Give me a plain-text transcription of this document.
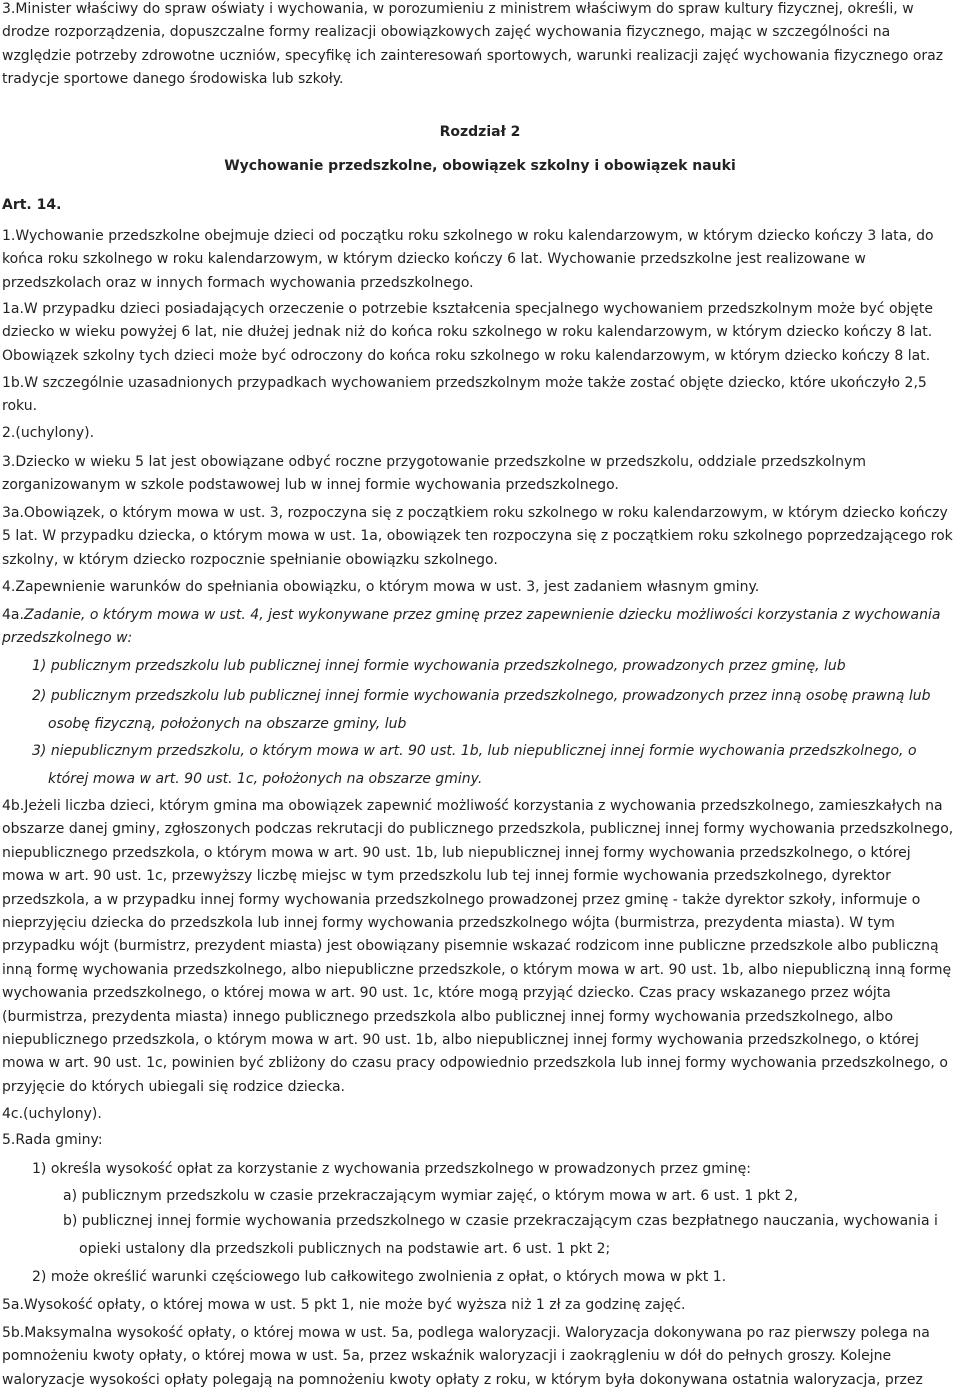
3.Minister właściwy do spraw oświaty i wychowania, w porozumieniu z ministrem właściwym do spraw kultury fizycznej, określi, w drodze rozporządzenia, dopuszczalne formy realizacji obowiązkowych zajęć wychowania fizycznego, mając w szczególności na względzie potrzeby zdrowotne uczniów, specyfikę ich zainteresowań sportowych, warunki realizacji zajęć wychowania fizycznego oraz tradycje sportowe danego środowiska lub szkoły.

Rozdział 2

Wychowanie przedszkolne, obowiązek szkolny i obowiązek nauki

Art. 14.

1.Wychowanie przedszkolne obejmuje dzieci od początku roku szkolnego w roku kalendarzowym, w którym dziecko kończy 3 lata, do końca roku szkolnego w roku kalendarzowym, w którym dziecko kończy 6 lat. Wychowanie przedszkolne jest realizowane w przedszkolach oraz w innych formach wychowania przedszkolnego.

1a.W przypadku dzieci posiadających orzeczenie o potrzebie kształcenia specjalnego wychowaniem przedszkolnym może być objęte dziecko w wieku powyżej 6 lat, nie dłużej jednak niż do końca roku szkolnego w roku kalendarzowym, w którym dziecko kończy 8 lat. Obowiązek szkolny tych dzieci może być odroczony do końca roku szkolnego w roku kalendarzowym, w którym dziecko kończy 8 lat.

1b.W szczególnie uzasadnionych przypadkach wychowaniem przedszkolnym może także zostać objęte dziecko, które ukończyło 2,5 roku.

2.(uchylony).

3.Dziecko w wieku 5 lat jest obowiązane odbyć roczne przygotowanie przedszkolne w przedszkolu, oddziale przedszkolnym zorganizowanym w szkole podstawowej lub w innej formie wychowania przedszkolnego.

3a.Obowiązek, o którym mowa w ust. 3, rozpoczyna się z początkiem roku szkolnego w roku kalendarzowym, w którym dziecko kończy 5 lat. W przypadku dziecka, o którym mowa w ust. 1a, obowiązek ten rozpoczyna się z początkiem roku szkolnego poprzedzającego rok szkolny, w którym dziecko rozpocznie spełnianie obowiązku szkolnego.

4.Zapewnienie warunków do spełniania obowiązku, o którym mowa w ust. 3, jest zadaniem własnym gminy.

4a.Zadanie, o którym mowa w ust. 4, jest wykonywane przez gminę przez zapewnienie dziecku możliwości korzystania z wychowania przedszkolnego w:

1) publicznym przedszkolu lub publicznej innej formie wychowania przedszkolnego, prowadzonych przez gminę, lub

2) publicznym przedszkolu lub publicznej innej formie wychowania przedszkolnego, prowadzonych przez inną osobę prawną lub osobę fizyczną, położonych na obszarze gminy, lub

3) niepublicznym przedszkolu, o którym mowa w art. 90 ust. 1b, lub niepublicznej innej formie wychowania przedszkolnego, o której mowa w art. 90 ust. 1c, położonych na obszarze gminy.

4b.Jeżeli liczba dzieci, którym gmina ma obowiązek zapewnić możliwość korzystania z wychowania przedszkolnego, zamieszkałych na obszarze danej gminy, zgłoszonych podczas rekrutacji do publicznego przedszkola, publicznej innej formy wychowania przedszkolnego, niepublicznego przedszkola, o którym mowa w art. 90 ust. 1b, lub niepublicznej innej formy wychowania przedszkolnego, o której mowa w art. 90 ust. 1c, przewyższy liczbę miejsc w tym przedszkolu lub tej innej formie wychowania przedszkolnego, dyrektor przedszkola, a w przypadku innej formy wychowania przedszkolnego prowadzonej przez gminę - także dyrektor szkoły, informuje o nieprzyjęciu dziecka do przedszkola lub innej formy wychowania przedszkolnego wójta (burmistrza, prezydenta miasta). W tym przypadku wójt (burmistrz, prezydent miasta) jest obowiązany pisemnie wskazać rodzicom inne publiczne przedszkole albo publiczną inną formę wychowania przedszkolnego, albo niepubliczne przedszkole, o którym mowa w art. 90 ust. 1b, albo niepubliczną inną formę wychowania przedszkolnego, o której mowa w art. 90 ust. 1c, które mogą przyjąć dziecko. Czas pracy wskazanego przez wójta (burmistrza, prezydenta miasta) innego publicznego przedszkola albo publicznej innej formy wychowania przedszkolnego, albo niepublicznego przedszkola, o którym mowa w art. 90 ust. 1b, albo niepublicznej innej formy wychowania przedszkolnego, o której mowa w art. 90 ust. 1c, powinien być zbliżony do czasu pracy odpowiednio przedszkola lub innej formy wychowania przedszkolnego, o przyjęcie do których ubiegali się rodzice dziecka.

4c.(uchylony).

5.Rada gminy:

1) określa wysokość opłat za korzystanie z wychowania przedszkolnego w prowadzonych przez gminę:

a) publicznym przedszkolu w czasie przekraczającym wymiar zajęć, o którym mowa w art. 6 ust. 1 pkt 2,

b) publicznej innej formie wychowania przedszkolnego w czasie przekraczającym czas bezpłatnego nauczania, wychowania i opieki ustalony dla przedszkoli publicznych na podstawie art. 6 ust. 1 pkt 2;

2) może określić warunki częściowego lub całkowitego zwolnienia z opłat, o których mowa w pkt 1.

5a.Wysokość opłaty, o której mowa w ust. 5 pkt 1, nie może być wyższa niż 1 zł za godzinę zajęć.

5b.Maksymalna wysokość opłaty, o której mowa w ust. 5a, podlega waloryzacji. Waloryzacja dokonywana po raz pierwszy polega na pomnożeniu kwoty opłaty, o której mowa w ust. 5a, przez wskaźnik waloryzacji i zaokrągleniu w dół do pełnych groszy. Kolejne waloryzacje wysokości opłaty polegają na pomnożeniu kwoty opłaty z roku, w którym była dokonywana ostatnia waloryzacja, przez
